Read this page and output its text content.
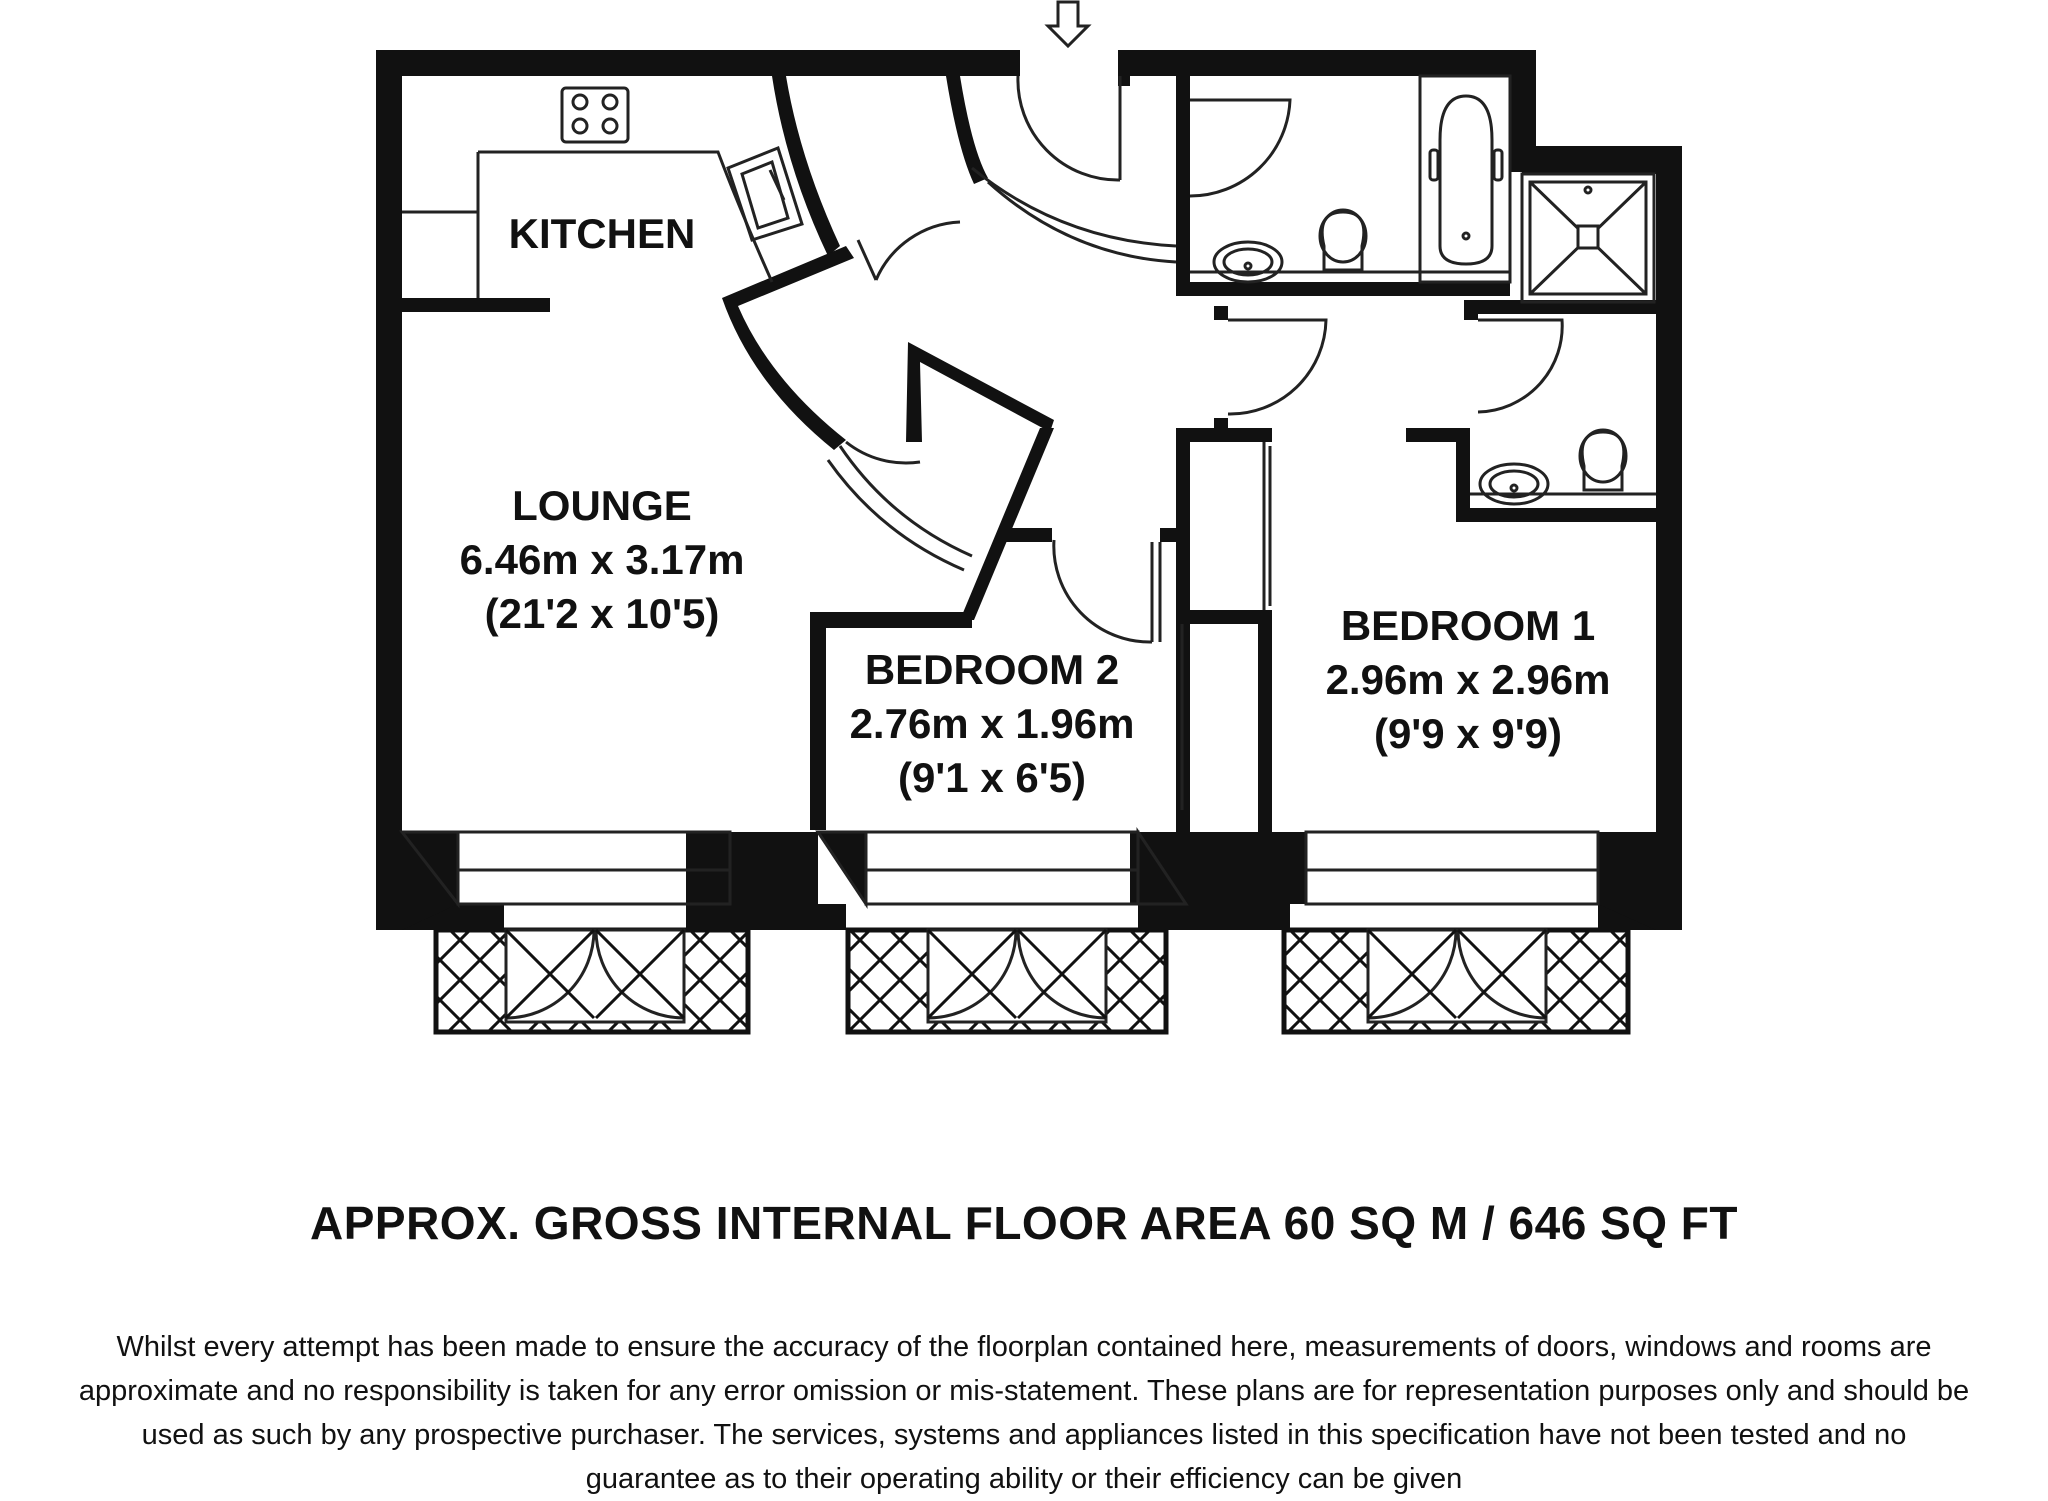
KITCHEN
LOUNGE
6.46m x 3.17m
(21'2 x 10'5)
BEDROOM 2
2.76m x 1.96m
(9'1 x 6'5)
BEDROOM 1
2.96m x 2.96m
(9'9 x 9'9)
APPROX. GROSS INTERNAL FLOOR AREA 60 SQ M / 646 SQ FT
Whilst every attempt has been made to ensure the accuracy of the floorplan contained here, measurements of doors, windows and rooms are
approximate and no responsibility is taken for any error omission or mis-statement. These plans are for representation purposes only and should be
used as such by any prospective purchaser. The services, systems and appliances listed in this specification have not been tested and no
guarantee as to their operating ability or their efficiency can be given
